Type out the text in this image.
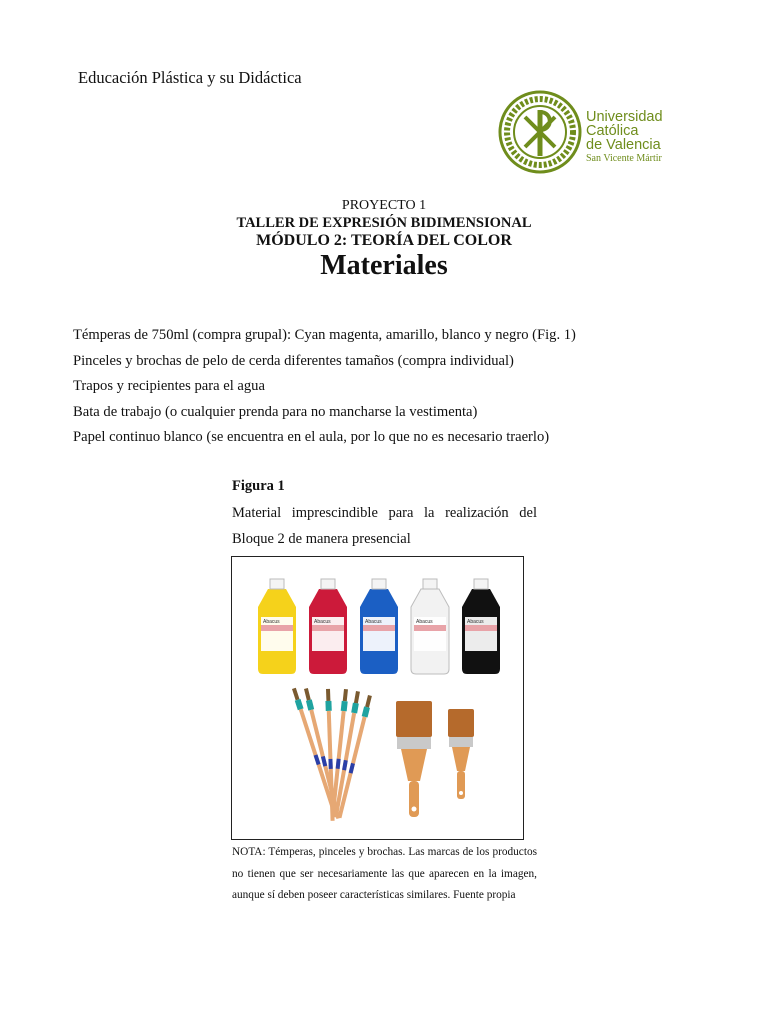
Educación Plástica y su Didáctica
Universidad
Católica
de Valencia
San Vicente Mártir
PROYECTO 1
TALLER DE EXPRESIÓN BIDIMENSIONAL
MÓDULO 2: TEORÍA DEL COLOR
Materiales
Témperas de 750ml (compra grupal): Cyan magenta, amarillo, blanco y negro (Fig. 1)
Pinceles y brochas de pelo de cerda diferentes tamaños (compra individual)
Trapos y recipientes para el agua
Bata de trabajo (o cualquier prenda para no mancharse la vestimenta)
Papel continuo blanco (se encuentra en el aula, por lo que no es necesario traerlo)
Figura 1
Material imprescindible para la realización del Bloque 2 de manera presencial
Abacus	Abacus	Abacus	Abacus	Abacus
NOTA: Témperas, pinceles y brochas. Las marcas de los productos no tienen que ser necesariamente las que aparecen en la imagen, aunque sí deben poseer características similares. Fuente propia
